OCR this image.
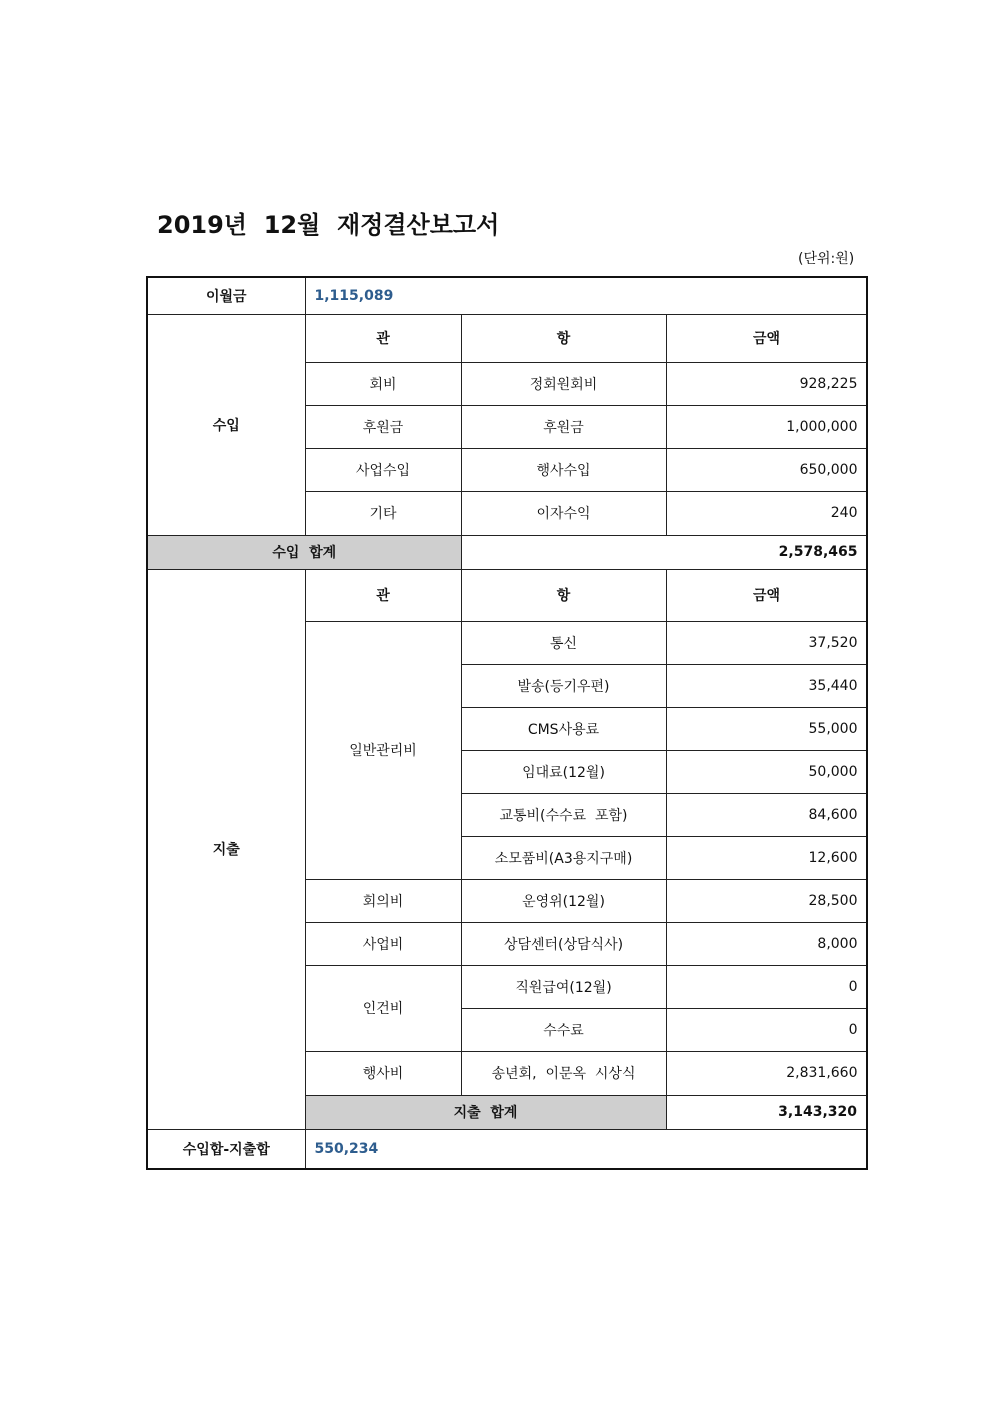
2019년  12월  재정결산보고서
(단위:원)
이월금	1,115,089		
수입	관	항	금액
	회비	정회원회비	928,225
	후원금	후원금	1,000,000
	사업수입	행사수입	650,000
	기타	이자수익	240
수입  합계		2,578,465	
지출	관	항	금액
	일반관리비	통신	37,520
		발송(등기우편)	35,440
		CMS사용료	55,000
		임대료(12월)	50,000
		교통비(수수료  포함)	84,600
		소모품비(A3용지구매)	12,600
	회의비	운영위(12월)	28,500
	사업비	상담센터(상담식사)	8,000
	인건비	직원급여(12월)	0
		수수료	0
	행사비	송년회,  이문옥  시상식	2,831,660
	지출  합계		3,143,320
수입합-지출합	550,234		
